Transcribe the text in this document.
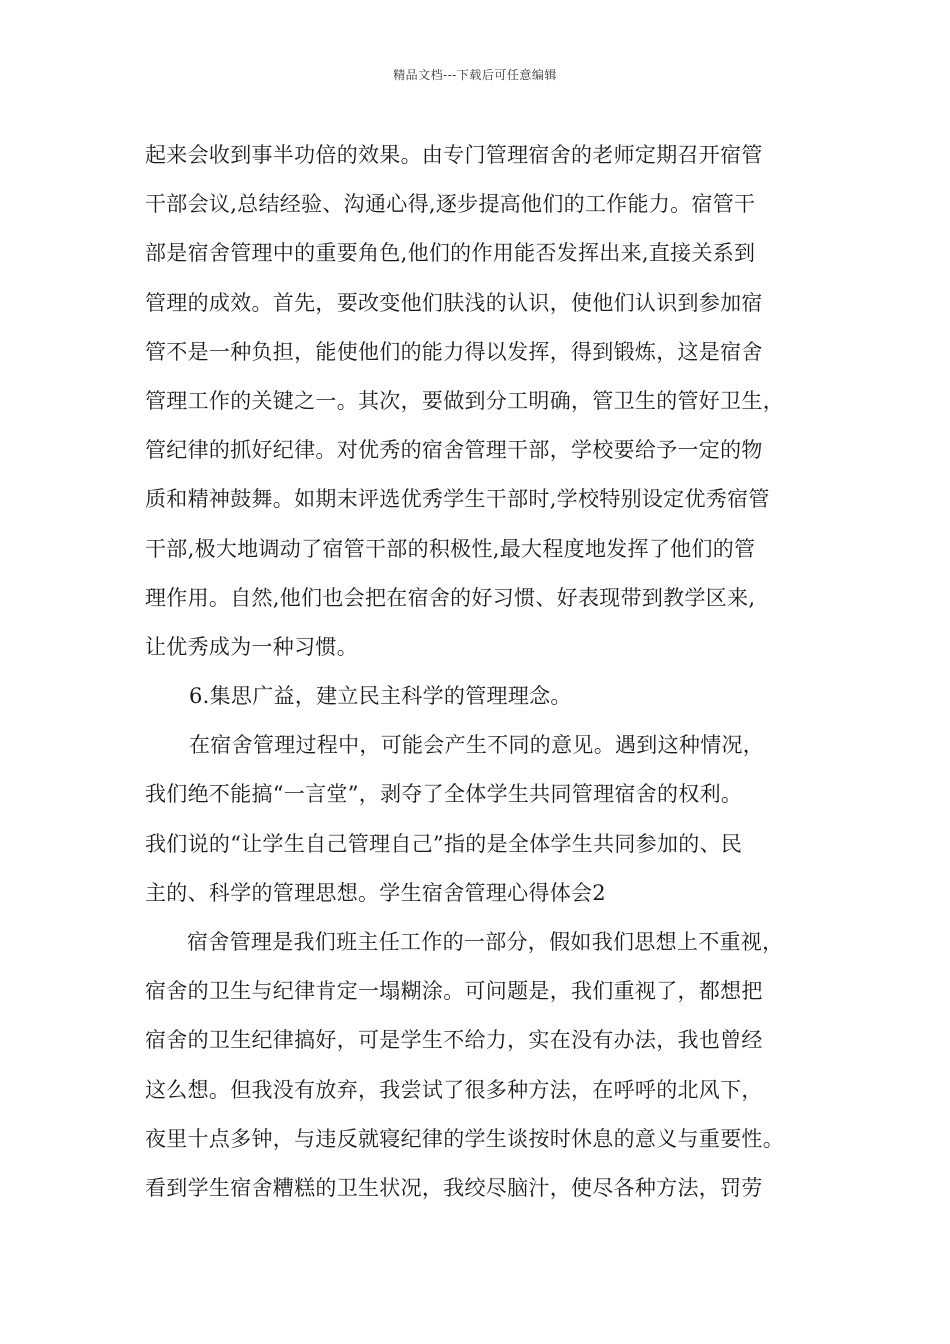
精品文档---下载后可任意编辑
起来会收到事半功倍的效果。由专门管理宿舍的老师定期召开宿管
干部会议,总结经验、沟通心得,逐步提高他们的工作能力。宿管干
部是宿舍管理中的重要角色,他们的作用能否发挥出来,直接关系到
管理的成效。首先，要改变他们肤浅的认识，使他们认识到参加宿
管不是一种负担，能使他们的能力得以发挥，得到锻炼，这是宿舍
管理工作的关键之一。其次，要做到分工明确，管卫生的管好卫生，
管纪律的抓好纪律。对优秀的宿舍管理干部，学校要给予一定的物
质和精神鼓舞。如期末评选优秀学生干部时,学校特别设定优秀宿管
干部,极大地调动了宿管干部的积极性,最大程度地发挥了他们的管
理作用。自然,他们也会把在宿舍的好习惯、好表现带到教学区来,
让优秀成为一种习惯。
6.集思广益，建立民主科学的管理理念。
在宿舍管理过程中，可能会产生不同的意见。遇到这种情况，
我们绝不能搞“一言堂”，剥夺了全体学生共同管理宿舍的权利。
我们说的“让学生自己管理自己”指的是全体学生共同参加的、民
主的、科学的管理思想。学生宿舍管理心得体会2
宿舍管理是我们班主任工作的一部分，假如我们思想上不重视，
宿舍的卫生与纪律肯定一塌糊涂。可问题是，我们重视了，都想把
宿舍的卫生纪律搞好，可是学生不给力，实在没有办法，我也曾经
这么想。但我没有放弃，我尝试了很多种方法，在呼呼的北风下，
夜里十点多钟，与违反就寝纪律的学生谈按时休息的意义与重要性。
看到学生宿舍糟糕的卫生状况，我绞尽脑汁，使尽各种方法，罚劳
